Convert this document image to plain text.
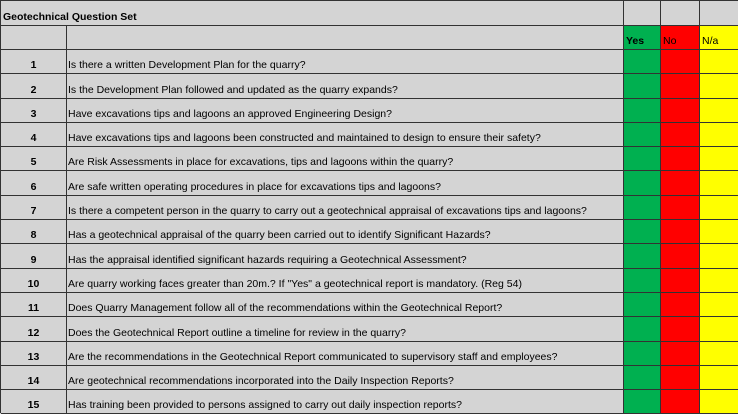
Geotechnical Question Set
Yes No N/a
1	Is there a written Development Plan for the quarry?
2	Is the Development Plan followed and updated as the quarry expands?
3	Have excavations tips and lagoons an approved Engineering Design?
4	Have excavations tips and lagoons been constructed and maintained to design to ensure their safety?
5	Are Risk Assessments in place for excavations, tips and lagoons within the quarry?
6	Are safe written operating procedures in place for excavations tips and lagoons?
7	Is there a competent person in the quarry to carry out a geotechnical appraisal of excavations tips and lagoons?
8	Has a geotechnical appraisal of the quarry been carried out to identify Significant Hazards?
9	Has the appraisal identified significant hazards requiring a Geotechnical Assessment?
10	Are quarry working faces greater than 20m.? If "Yes" a geotechnical report is mandatory. (Reg 54)
11	Does Quarry Management follow all of the recommendations within the Geotechnical Report?
12	Does the Geotechnical Report outline a timeline for review in the quarry?
13	Are the recommendations in the Geotechnical Report communicated to supervisory staff and employees?
14	Are geotechnical recommendations incorporated into the Daily Inspection Reports?
15	Has training been provided to persons assigned to carry out daily inspection reports?
